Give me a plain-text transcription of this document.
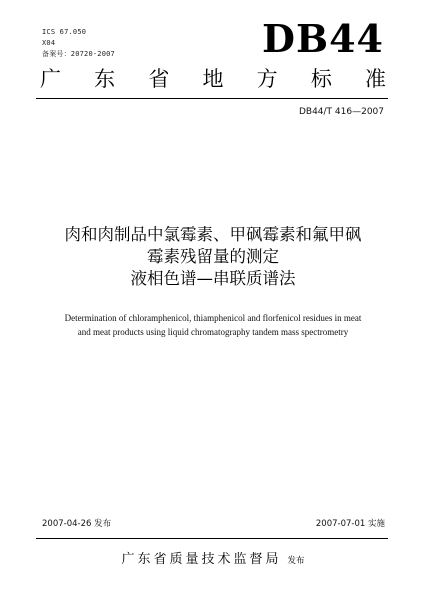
ICS 67.050
X04
备案号：20720-2007	DB44
广东省地方标准
DB44/T 416—2007
肉和肉制品中氯霉素、甲砜霉素和氟甲砜
霉素残留量的测定
液相色谱—串联质谱法
Determination of chloramphenicol, thiamphenicol and florfenicol residues in meat
and meat products using liquid chromatography tandem mass spectrometry
2007-04-26 发布	2007-07-01 实施
广东省质量技术监督局 发布
